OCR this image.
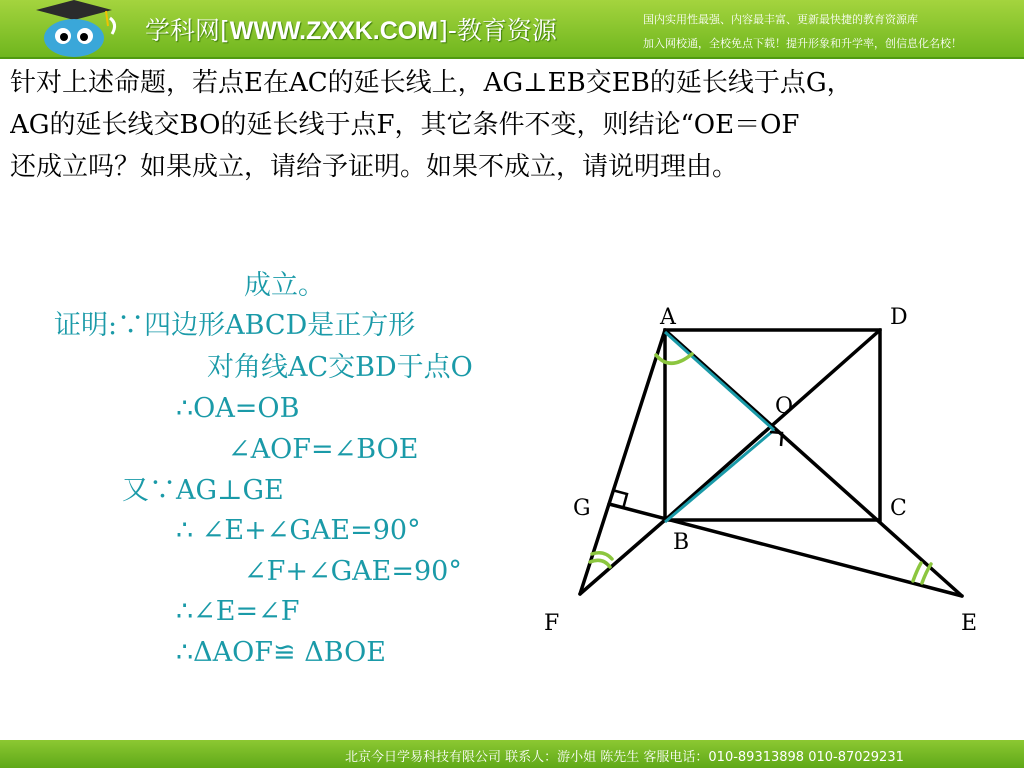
学科网[WWW.ZXXK.COM]-教育资源	国内实用性最强、内容最丰富、更新最快捷的教育资源库
加入网校通，全校免点下载！提升形象和升学率，创信息化名校！
针对上述命题，若点E在AC的延长线上，AG⊥EB交EB的延长线于点G，
AG的延长线交BO的延长线于点F，其它条件不变，则结论“OE＝OF
还成立吗？如果成立，请给予证明。如果不成立，请说明理由。
成立。
证明:∵四边形ABCD是正方形
对角线AC交BD于点O
∴OA=OB
∠AOF=∠BOE
又∵AG⊥GE
∴ ∠E+∠GAE=90°
∠F+∠GAE=90°
∴∠E=∠F
∴ΔAOF≌ ΔBOE
A	D
O
G	C
B
F	E
北京今日学易科技有限公司 联系人：游小姐 陈先生 客服电话：010-89313898 010-87029231
